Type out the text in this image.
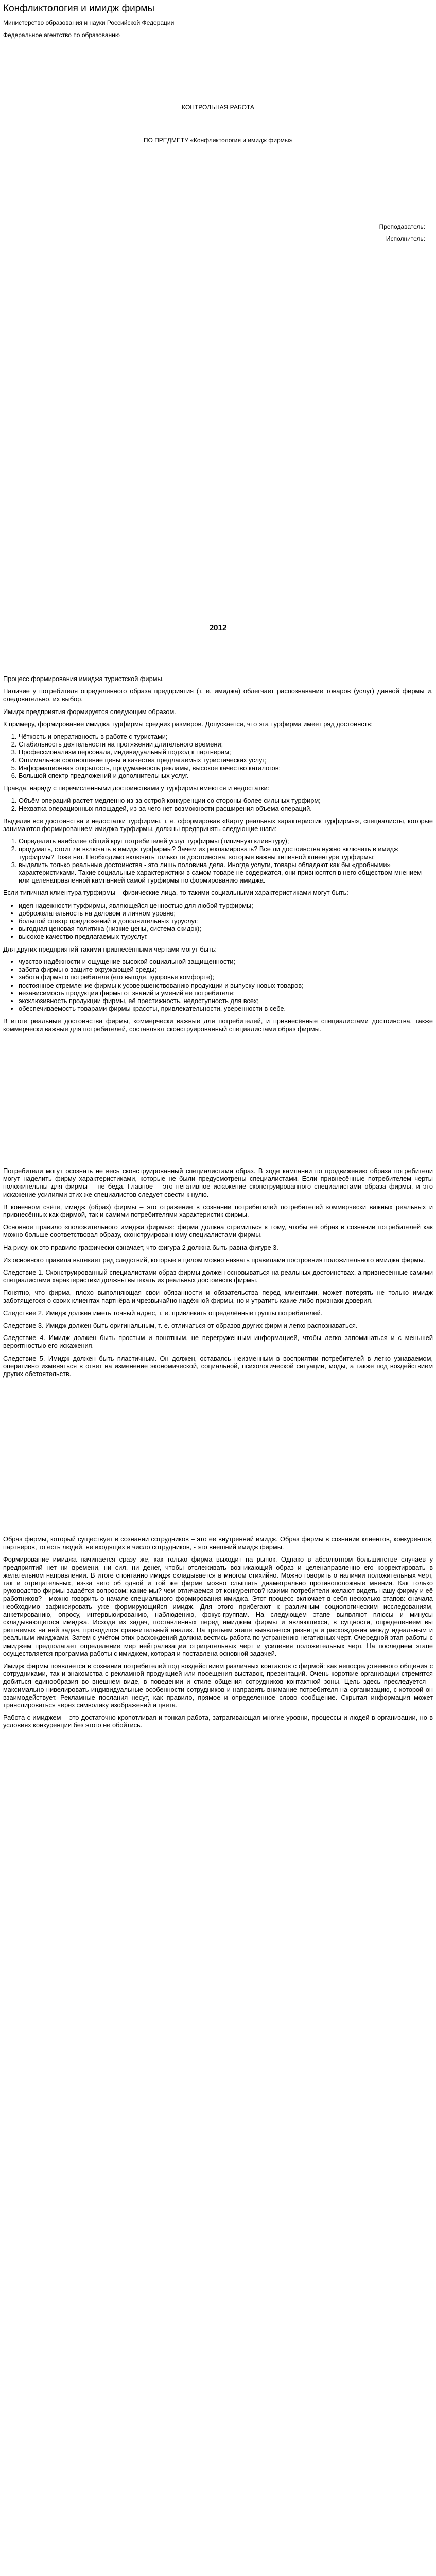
Конфликтология и имидж фирмы
Министерство образования и науки Российской Федерации
Федеральное агентство по образованию
КОНТРОЛЬНАЯ РАБОТА
ПО ПРЕДМЕТУ «Конфликтология и имидж фирмы»
Преподаватель:
Исполнитель:
2012

Процесс формирования имиджа туристской фирмы.

Наличие у потребителя определенного образа предприятия (т. е. имиджа) облегчает распознавание товаров (услуг) данной фирмы и, следовательно, их выбор.

Имидж предприятия формируется следующим образом.

К примеру, формирование имиджа турфирмы средних размеров. Допускается, что эта турфирма имеет ряд достоинств:

1. Чёткость и оперативность в работе с туристами;
2. Стабильность деятельности на протяжении длительного времени;
3. Профессионализм персонала, индивидуальный подход к партнерам;
4. Оптимальное соотношение цены и качества предлагаемых туристических услуг;
5. Информационная открытость, продуманность рекламы, высокое качество каталогов;
6. Большой спектр предложений и дополнительных услуг.

Правда, наряду с перечисленными достоинствами у турфирмы имеются и недостатки:

1. Объём операций растет медленно из-за острой конкуренции со стороны более сильных турфирм;
2. Нехватка операционных площадей, из-за чего нет возможности расширения объема операций.

Выделив все достоинства и недостатки турфирмы, т. е. сформировав «Карту реальных характеристик турфирмы», специалисты, которые занимаются формированием имиджа турфирмы, должны предпринять следующие шаги:

1. Определить наиболее общий круг потребителей услуг турфирмы (типичную клиентуру);
2. продумать, стоит ли включать в имидж турфирмы? Зачем их рекламировать? Все ли достоинства нужно включать в имидж турфирмы? Тоже нет. Необходимо включить только те достоинства, которые важны типичной клиентуре турфирмы;
3. выделить только реальные достоинства - это лишь половина дела. Иногда услуги, товары обладают как бы «дробными» характеристиками. Такие социальные характеристики в самом товаре не содержатся, они привносятся в него обществом мнением или целенаправленной кампанией самой турфирмы по формированию имиджа.

Если типичная клиентура турфирмы – физические лица, то такими социальными характеристиками могут быть:

• идея надежности турфирмы, являющейся ценностью для любой турфирмы;
• доброжелательность на деловом и личном уровне;
• большой спектр предложений и дополнительных туруслуг;
• выгодная ценовая политика (низкие цены, система скидок);
• высокое качество предлагаемых туруслуг.

Для других предприятий такими привнесёнными чертами могут быть:

• чувство надёжности и ощущение высокой социальной защищенности;
• забота фирмы о защите окружающей среды;
• забота фирмы о потребителе (его выгоде, здоровье комфорте);
• постоянное стремление фирмы к усовершенствованию продукции и выпуску новых товаров;
• независимость продукции фирмы от знаний и умений её потребителя;
• эксклюзивность продукции фирмы, её престижность, недоступность для всех;
• обеспечиваемость товарами фирмы красоты, привлекательности, уверенности в себе.

В итоге реальные достоинства фирмы, коммерчески важные для потребителей, и привнесённые специалистами достоинства, также коммерчески важные для потребителей, составляют сконструированный специалистами образ фирмы.

Потребители могут осознать не весь сконструированный специалистами образ. В ходе кампании по продвижению образа потребители могут наделить фирму характеристиками, которые не были предусмотрены специалистами. Если привнесённые потребителем черты положительны для фирмы – не беда. Главное – это негативное искажение сконструированного специалистами образа фирмы, и это искажение усилиями этих же специалистов следует свести к нулю.

В конечном счёте, имидж (образ) фирмы – это отражение в сознании потребителей потребителей коммерчески важных реальных и привнесённых как фирмой, так и самими потребителями характеристик фирмы.

Основное правило «положительного имиджа фирмы»: фирма должна стремиться к тому, чтобы её образ в сознании потребителей как можно больше соответствовал образу, сконструированному специалистами фирмы.

На рисунок это правило графически означает, что фигура 2 должна быть равна фигуре 3.

Из основного правила вытекает ряд следствий, которые в целом можно назвать правилами построения положительного имиджа фирмы.

Следствие 1. Сконструированный специалистами образ фирмы должен основываться на реальных достоинствах, а привнесённые самими специалистами характеристики должны вытекать из реальных достоинств фирмы.

Понятно, что фирма, плохо выполняющая свои обязанности и обязательства перед клиентами, может потерять не только имидж заботящегося о своих клиентах партнёра и чрезвычайно надёжной фирмы, но и утратить какие-либо признаки доверия.

Следствие 2. Имидж должен иметь точный адрес, т. е. привлекать определённые группы потребителей.

Следствие 3. Имидж должен быть оригинальным, т. е. отличаться от образов других фирм и легко распознаваться.

Следствие 4. Имидж должен быть простым и понятным, не перегруженным информацией, чтобы легко запоминаться и с меньшей вероятностью его искажения.

Следствие 5. Имидж должен быть пластичным. Он должен, оставаясь неизменным в восприятии потребителей в легко узнаваемом, оперативно изменяться в ответ на изменение экономической, социальной, психологической ситуации, моды, а также под воздействием других обстоятельств.

Образ фирмы, который существует в сознании сотрудников – это ее внутренний имидж. Образ фирмы в сознании клиентов, конкурентов, партнеров, то есть людей, не входящих в число сотрудников, - это внешний имидж фирмы.

Формирование имиджа начинается сразу же, как только фирма выходит на рынок. Однако в абсолютном большинстве случаев у предприятий нет ни времени, ни сил, ни денег, чтобы отслеживать возникающий образ и целенаправленно его корректировать в желательном направлении. В итоге спонтанно имидж складывается в многом стихийно. Можно говорить о наличии положительных черт, так и отрицательных, из-за чего об одной и той же фирме можно слышать диаметрально противоположные мнения. Как только руководство фирмы задаётся вопросом: какие мы? чем отличаемся от конкурентов? какими потребители желают видеть нашу фирму и её работников? - можно говорить о начале специального формирования имиджа. Этот процесс включает в себя несколько этапов: сначала необходимо зафиксировать уже формирующийся имидж. Для этого прибегают к различным социологическим исследованиям, анкетированию, опросу, интервьюированию, наблюдению, фокус-группам. На следующем этапе выявляют плюсы и минусы складывающегося имиджа. Исходя из задач, поставленных перед имиджем фирмы и являющихся, в сущности, определением вы решаемых на ней задач, проводится сравнительный анализ. На третьем этапе выявляется разница и расхождения между идеальным и реальным имиджами. Затем с учётом этих расхождений должна вестись работа по устранению негативных черт. Очередной этап работы с имиджем предполагает определение мер нейтрализации отрицательных черт и усиления положительных черт. На последнем этапе осуществляется программа работы с имиджем, которая и поставлена основной задачей.

Имидж фирмы появляется в сознании потребителей под воздействием различных контактов с фирмой: как непосредственного общения с сотрудниками, так и знакомства с рекламной продукцией или посещения выставок, презентаций. Очень короткие организации стремятся добиться единообразия во внешнем виде, в поведении и стиле общения сотрудников контактной зоны. Цель здесь преследуется – максимально нивелировать индивидуальные особенности сотрудников и направить внимание потребителя на организацию, с которой он взаимодействует. Рекламные послания несут, как правило, прямое и определенное слово сообщение. Скрытая информация может транслироваться через символику изображений и цвета.

Работа с имиджем – это достаточно кропотливая и тонкая работа, затрагивающая многие уровни, процессы и людей в организации, но в условиях конкуренции без этого не обойтись.
